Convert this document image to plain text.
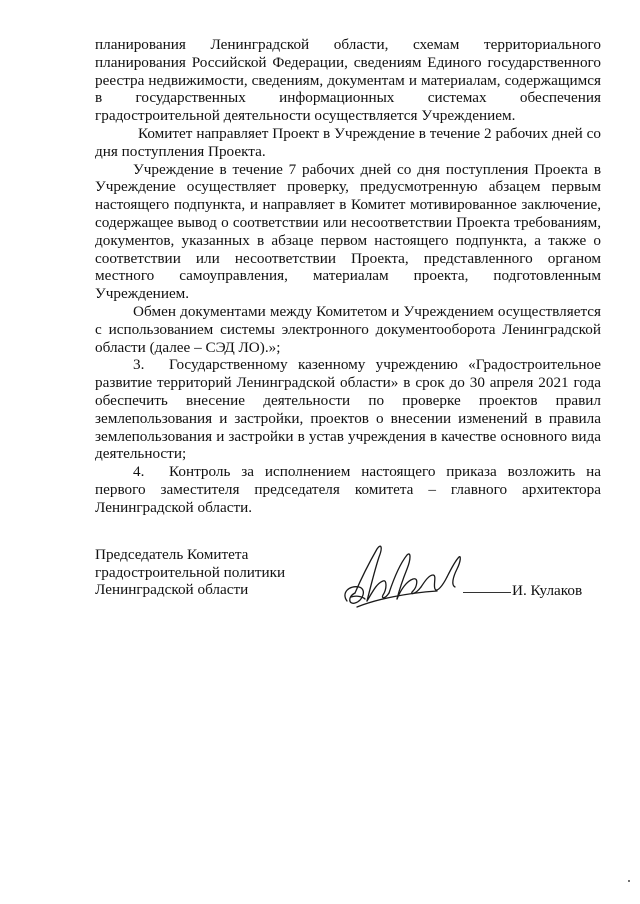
планирования Ленинградской области, схемам территориального планирования Российской Федерации, сведениям Единого государственного реестра недвижимости, сведениям, документам и материалам, содержащимся в государственных информационных системах обеспечения градостроительной деятельности осуществляется Учреждением.

Комитет направляет Проект в Учреждение в течение 2 рабочих дней со дня поступления Проекта.

Учреждение в течение 7 рабочих дней со дня поступления Проекта в Учреждение осуществляет проверку, предусмотренную абзацем первым настоящего подпункта, и направляет в Комитет мотивированное заключение, содержащее вывод о соответствии или несоответствии Проекта требованиям, документов, указанных в абзаце первом настоящего подпункта, а также о соответствии или несоответствии Проекта, представленного органом местного самоуправления, материалам проекта, подготовленным Учреждением.

Обмен документами между Комитетом и Учреждением осуществляется с использованием системы электронного документооборота Ленинградской области (далее – СЭД ЛО).»;

3. Государственному казенному учреждению «Градостроительное развитие территорий Ленинградской области» в срок до 30 апреля 2021 года обеспечить внесение деятельности по проверке проектов правил землепользования и застройки, проектов о внесении изменений в правила землепользования и застройки в устав учреждения в качестве основного вида деятельности;

4. Контроль за исполнением настоящего приказа возложить на первого заместителя председателя комитета – главного архитектора Ленинградской области.

Председатель Комитета
градостроительной политики
Ленинградской области	И. Кулаков
